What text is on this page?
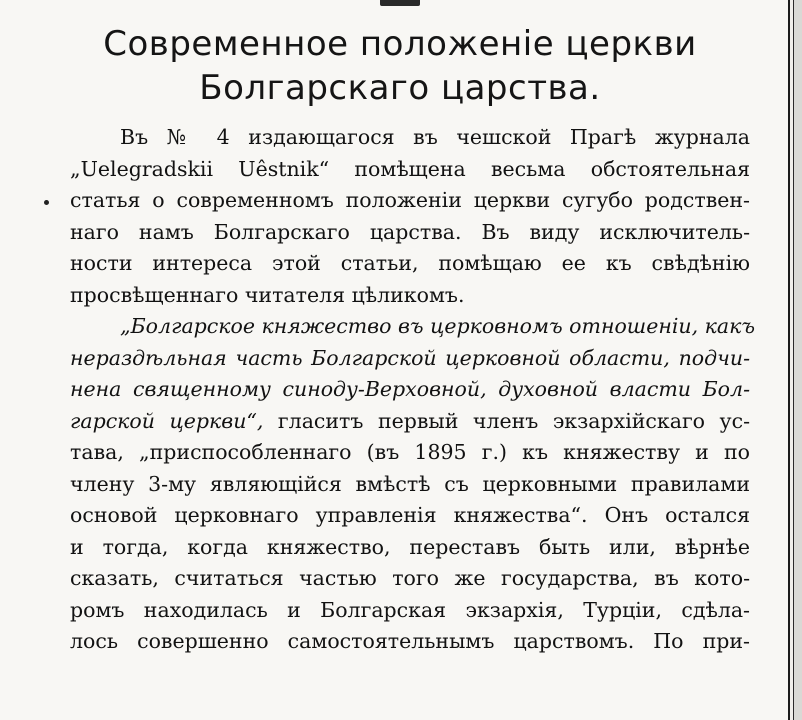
Современное положенiе церкви
Болгарскаго царства.
Въ № 4 издающагося въ чешской Прагѣ журнала
„Uelegradskii Uêstnik“ помѣщена весьма обстоятельная
статья о современномъ положенiи церкви сугубо родствен-
наго намъ Болгарскаго царства. Въ виду исключитель-
ности интереса этой статьи, помѣщаю ее къ свѣдѣнiю
просвѣщеннаго читателя цѣликомъ.
„Болгарское княжество въ церковномъ отношенiи, какъ
нераздѣльная часть Болгарской церковной области, подчи-
нена священному синоду-Верховной, духовной власти Бол-
гарской церкви“, гласитъ первый членъ экзархiйскаго ус-
тава, „приспособленнаго (въ 1895 г.) къ княжеству и по
члену 3-му являющiйся вмѣстѣ съ церковными правилами
основой церковнаго управленiя княжества“. Онъ остался
и тогда, когда княжество, переставъ быть или, вѣрнѣе
сказать, считаться частью того же государства, въ кото-
ромъ находилась и Болгарская экзархiя, Турцiи, сдѣла-
лось совершенно самостоятельнымъ царствомъ. По при-
